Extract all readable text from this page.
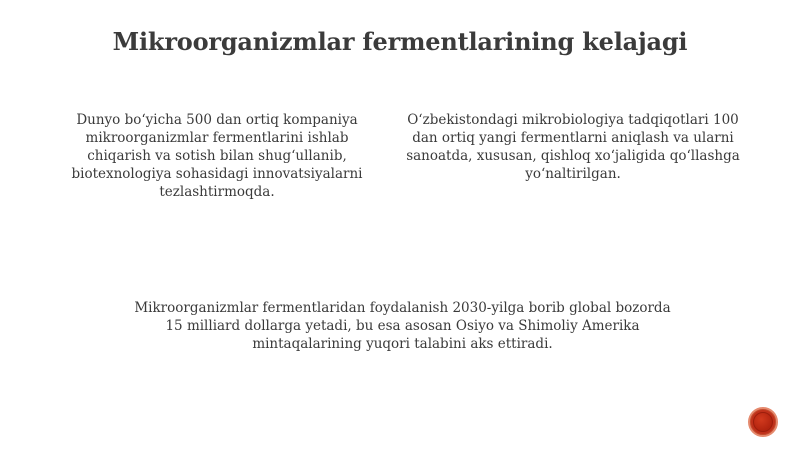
Mikroorganizmlar fermentlarining kelajagi

Dunyo bo‘yicha 500 dan ortiq kompaniya mikroorganizmlar fermentlarini ishlab chiqarish va sotish bilan shug‘ullanib, biotexnologiya sohasidagi innovatsiyalarni tezlashtirmoqda.

O‘zbekistondagi mikrobiologiya tadqiqotlari 100 dan ortiq yangi fermentlarni aniqlash va ularni sanoatda, xususan, qishloq xo‘jaligida qo‘llashga yo‘naltirilgan.

Mikroorganizmlar fermentlaridan foydalanish 2030-yilga borib global bozorda 15 milliard dollarga yetadi, bu esa asosan Osiyo va Shimoliy Amerika mintaqalarining yuqori talabini aks ettiradi.
